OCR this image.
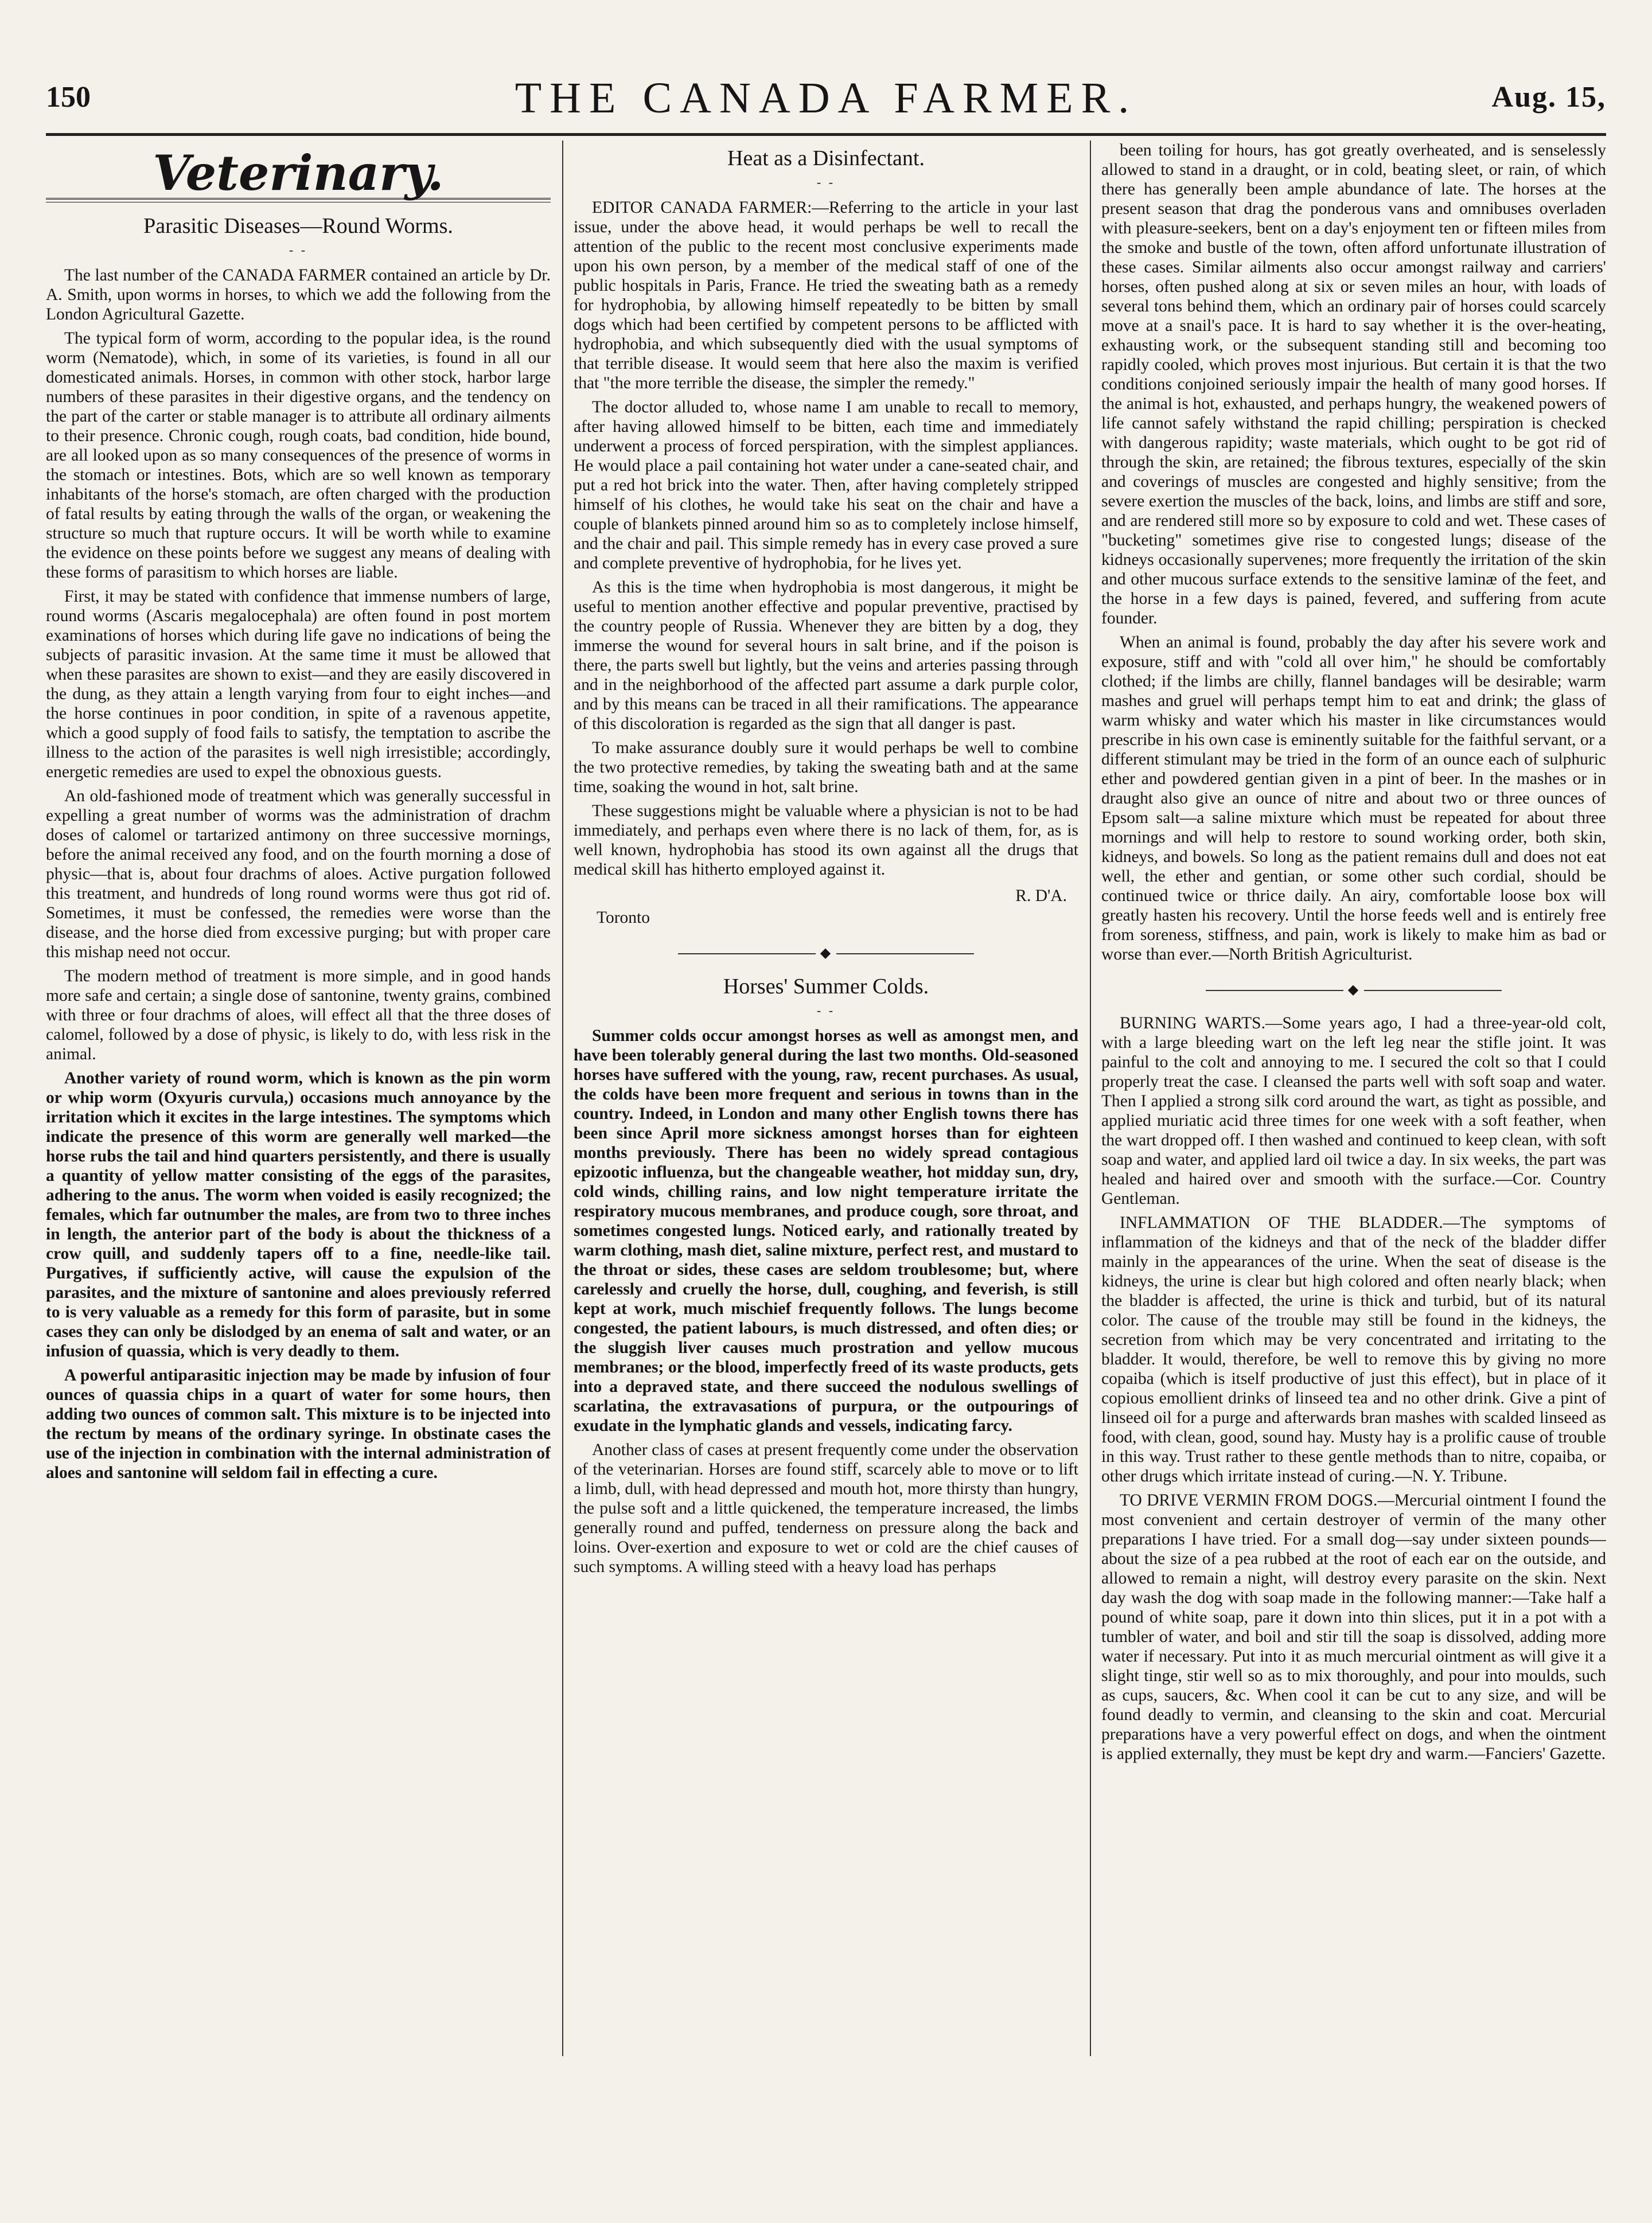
150	THE CANADA FARMER.	Aug. 15,
Veterinary.
Parasitic Diseases—Round Worms.
- -

The last number of the CANADA FARMER contained an article by Dr. A. Smith, upon worms in horses, to which we add the following from the London Agricultural Gazette.

The typical form of worm, according to the popular idea, is the round worm (Nematode), which, in some of its varieties, is found in all our domesticated animals. Horses, in common with other stock, harbor large numbers of these parasites in their digestive organs, and the tendency on the part of the carter or stable manager is to attribute all ordinary ailments to their presence. Chronic cough, rough coats, bad condition, hide bound, are all looked upon as so many consequences of the presence of worms in the stomach or intestines. Bots, which are so well known as temporary inhabitants of the horse's stomach, are often charged with the production of fatal results by eating through the walls of the organ, or weakening the structure so much that rupture occurs. It will be worth while to examine the evidence on these points before we suggest any means of dealing with these forms of parasitism to which horses are liable.

First, it may be stated with confidence that immense numbers of large, round worms (Ascaris megalocephala) are often found in post mortem examinations of horses which during life gave no indications of being the subjects of parasitic invasion. At the same time it must be allowed that when these parasites are shown to exist—and they are easily discovered in the dung, as they attain a length varying from four to eight inches—and the horse continues in poor condition, in spite of a ravenous appetite, which a good supply of food fails to satisfy, the temptation to ascribe the illness to the action of the parasites is well nigh irresistible; accordingly, energetic remedies are used to expel the obnoxious guests.

An old-fashioned mode of treatment which was generally successful in expelling a great number of worms was the administration of drachm doses of calomel or tartarized antimony on three successive mornings, before the animal received any food, and on the fourth morning a dose of physic—that is, about four drachms of aloes. Active purgation followed this treatment, and hundreds of long round worms were thus got rid of. Sometimes, it must be confessed, the remedies were worse than the disease, and the horse died from excessive purging; but with proper care this mishap need not occur.

The modern method of treatment is more simple, and in good hands more safe and certain; a single dose of santonine, twenty grains, combined with three or four drachms of aloes, will effect all that the three doses of calomel, followed by a dose of physic, is likely to do, with less risk in the animal.

Another variety of round worm, which is known as the pin worm or whip worm (Oxyuris curvula,) occasions much annoyance by the irritation which it excites in the large intestines. The symptoms which indicate the presence of this worm are generally well marked—the horse rubs the tail and hind quarters persistently, and there is usually a quantity of yellow matter consisting of the eggs of the parasites, adhering to the anus. The worm when voided is easily recognized; the females, which far outnumber the males, are from two to three inches in length, the anterior part of the body is about the thickness of a crow quill, and suddenly tapers off to a fine, needle-like tail. Purgatives, if sufficiently active, will cause the expulsion of the parasites, and the mixture of santonine and aloes previously referred to is very valuable as a remedy for this form of parasite, but in some cases they can only be dislodged by an enema of salt and water, or an infusion of quassia, which is very deadly to them.

A powerful antiparasitic injection may be made by infusion of four ounces of quassia chips in a quart of water for some hours, then adding two ounces of common salt. This mixture is to be injected into the rectum by means of the ordinary syringe. In obstinate cases the use of the injection in combination with the internal administration of aloes and santonine will seldom fail in effecting a cure.

Heat as a Disinfectant.
- -

EDITOR CANADA FARMER:—Referring to the article in your last issue, under the above head, it would perhaps be well to recall the attention of the public to the recent most conclusive experiments made upon his own person, by a member of the medical staff of one of the public hospitals in Paris, France. He tried the sweating bath as a remedy for hydrophobia, by allowing himself repeatedly to be bitten by small dogs which had been certified by competent persons to be afflicted with hydrophobia, and which subsequently died with the usual symptoms of that terrible disease. It would seem that here also the maxim is verified that "the more terrible the disease, the simpler the remedy."

The doctor alluded to, whose name I am unable to recall to memory, after having allowed himself to be bitten, each time and immediately underwent a process of forced perspiration, with the simplest appliances. He would place a pail containing hot water under a cane-seated chair, and put a red hot brick into the water. Then, after having completely stripped himself of his clothes, he would take his seat on the chair and have a couple of blankets pinned around him so as to completely inclose himself, and the chair and pail. This simple remedy has in every case proved a sure and complete preventive of hydrophobia, for he lives yet.

As this is the time when hydrophobia is most dangerous, it might be useful to mention another effective and popular preventive, practised by the country people of Russia. Whenever they are bitten by a dog, they immerse the wound for several hours in salt brine, and if the poison is there, the parts swell but lightly, but the veins and arteries passing through and in the neighborhood of the affected part assume a dark purple color, and by this means can be traced in all their ramifications. The appearance of this discoloration is regarded as the sign that all danger is past.

To make assurance doubly sure it would perhaps be well to combine the two protective remedies, by taking the sweating bath and at the same time, soaking the wound in hot, salt brine.

These suggestions might be valuable where a physician is not to be had immediately, and perhaps even where there is no lack of them, for, as is well known, hydrophobia has stood its own against all the drugs that medical skill has hitherto employed against it.

R. D'A.
Toronto
◆
Horses' Summer Colds.
- -

Summer colds occur amongst horses as well as amongst men, and have been tolerably general during the last two months. Old-seasoned horses have suffered with the young, raw, recent purchases. As usual, the colds have been more frequent and serious in towns than in the country. Indeed, in London and many other English towns there has been since April more sickness amongst horses than for eighteen months previously. There has been no widely spread contagious epizootic influenza, but the changeable weather, hot midday sun, dry, cold winds, chilling rains, and low night temperature irritate the respiratory mucous membranes, and produce cough, sore throat, and sometimes congested lungs. Noticed early, and rationally treated by warm clothing, mash diet, saline mixture, perfect rest, and mustard to the throat or sides, these cases are seldom troublesome; but, where carelessly and cruelly the horse, dull, coughing, and feverish, is still kept at work, much mischief frequently follows. The lungs become congested, the patient labours, is much distressed, and often dies; or the sluggish liver causes much prostration and yellow mucous membranes; or the blood, imperfectly freed of its waste products, gets into a depraved state, and there succeed the nodulous swellings of scarlatina, the extravasations of purpura, or the outpourings of exudate in the lymphatic glands and vessels, indicating farcy.

Another class of cases at present frequently come under the observation of the veterinarian. Horses are found stiff, scarcely able to move or to lift a limb, dull, with head depressed and mouth hot, more thirsty than hungry, the pulse soft and a little quickened, the temperature increased, the limbs generally round and puffed, tenderness on pressure along the back and loins. Over-exertion and exposure to wet or cold are the chief causes of such symptoms. A willing steed with a heavy load has perhaps

been toiling for hours, has got greatly overheated, and is senselessly allowed to stand in a draught, or in cold, beating sleet, or rain, of which there has generally been ample abundance of late. The horses at the present season that drag the ponderous vans and omnibuses overladen with pleasure-seekers, bent on a day's enjoyment ten or fifteen miles from the smoke and bustle of the town, often afford unfortunate illustration of these cases. Similar ailments also occur amongst railway and carriers' horses, often pushed along at six or seven miles an hour, with loads of several tons behind them, which an ordinary pair of horses could scarcely move at a snail's pace. It is hard to say whether it is the over-heating, exhausting work, or the subsequent standing still and becoming too rapidly cooled, which proves most injurious. But certain it is that the two conditions conjoined seriously impair the health of many good horses. If the animal is hot, exhausted, and perhaps hungry, the weakened powers of life cannot safely withstand the rapid chilling; perspiration is checked with dangerous rapidity; waste materials, which ought to be got rid of through the skin, are retained; the fibrous textures, especially of the skin and coverings of muscles are congested and highly sensitive; from the severe exertion the muscles of the back, loins, and limbs are stiff and sore, and are rendered still more so by exposure to cold and wet. These cases of "bucketing" sometimes give rise to congested lungs; disease of the kidneys occasionally supervenes; more frequently the irritation of the skin and other mucous surface extends to the sensitive laminæ of the feet, and the horse in a few days is pained, fevered, and suffering from acute founder.

When an animal is found, probably the day after his severe work and exposure, stiff and with "cold all over him," he should be comfortably clothed; if the limbs are chilly, flannel bandages will be desirable; warm mashes and gruel will perhaps tempt him to eat and drink; the glass of warm whisky and water which his master in like circumstances would prescribe in his own case is eminently suitable for the faithful servant, or a different stimulant may be tried in the form of an ounce each of sulphuric ether and powdered gentian given in a pint of beer. In the mashes or in draught also give an ounce of nitre and about two or three ounces of Epsom salt—a saline mixture which must be repeated for about three mornings and will help to restore to sound working order, both skin, kidneys, and bowels. So long as the patient remains dull and does not eat well, the ether and gentian, or some other such cordial, should be continued twice or thrice daily. An airy, comfortable loose box will greatly hasten his recovery. Until the horse feeds well and is entirely free from soreness, stiffness, and pain, work is likely to make him as bad or worse than ever.—North British Agriculturist.

◆

BURNING WARTS.—Some years ago, I had a three-year-old colt, with a large bleeding wart on the left leg near the stifle joint. It was painful to the colt and annoying to me. I secured the colt so that I could properly treat the case. I cleansed the parts well with soft soap and water. Then I applied a strong silk cord around the wart, as tight as possible, and applied muriatic acid three times for one week with a soft feather, when the wart dropped off. I then washed and continued to keep clean, with soft soap and water, and applied lard oil twice a day. In six weeks, the part was healed and haired over and smooth with the surface.—Cor. Country Gentleman.

INFLAMMATION OF THE BLADDER.—The symptoms of inflammation of the kidneys and that of the neck of the bladder differ mainly in the appearances of the urine. When the seat of disease is the kidneys, the urine is clear but high colored and often nearly black; when the bladder is affected, the urine is thick and turbid, but of its natural color. The cause of the trouble may still be found in the kidneys, the secretion from which may be very concentrated and irritating to the bladder. It would, therefore, be well to remove this by giving no more copaiba (which is itself productive of just this effect), but in place of it copious emollient drinks of linseed tea and no other drink. Give a pint of linseed oil for a purge and afterwards bran mashes with scalded linseed as food, with clean, good, sound hay. Musty hay is a prolific cause of trouble in this way. Trust rather to these gentle methods than to nitre, copaiba, or other drugs which irritate instead of curing.—N. Y. Tribune.

TO DRIVE VERMIN FROM DOGS.—Mercurial ointment I found the most convenient and certain destroyer of vermin of the many other preparations I have tried. For a small dog—say under sixteen pounds—about the size of a pea rubbed at the root of each ear on the outside, and allowed to remain a night, will destroy every parasite on the skin. Next day wash the dog with soap made in the following manner:—Take half a pound of white soap, pare it down into thin slices, put it in a pot with a tumbler of water, and boil and stir till the soap is dissolved, adding more water if necessary. Put into it as much mercurial ointment as will give it a slight tinge, stir well so as to mix thoroughly, and pour into moulds, such as cups, saucers, &c. When cool it can be cut to any size, and will be found deadly to vermin, and cleansing to the skin and coat. Mercurial preparations have a very powerful effect on dogs, and when the ointment is applied externally, they must be kept dry and warm.—Fanciers' Gazette.
